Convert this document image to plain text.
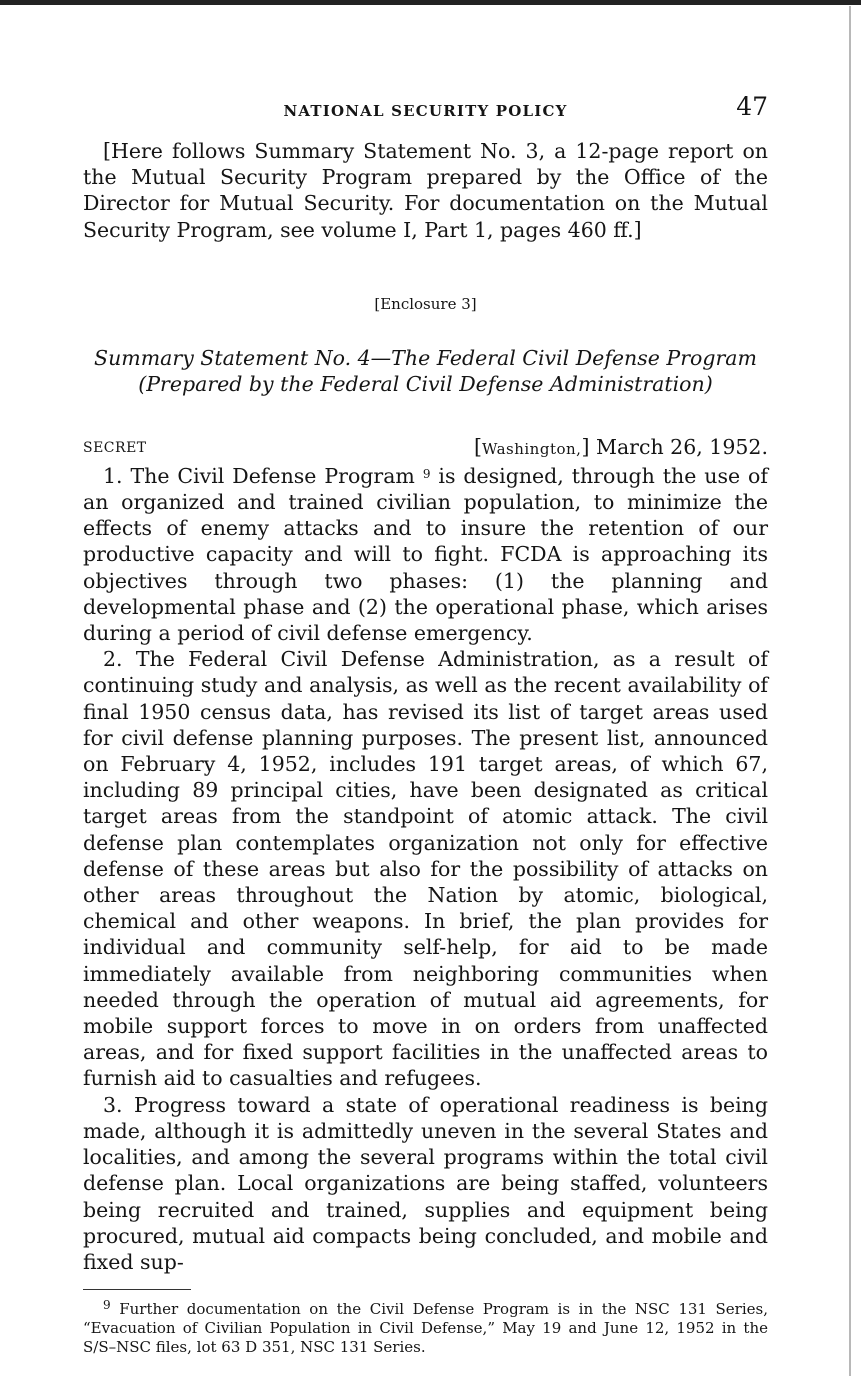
NATIONAL SECURITY POLICY	47

[Here follows Summary Statement No. 3, a 12-page report on the Mutual Security Program prepared by the Office of the Director for Mutual Security. For documentation on the Mutual Security Program, see volume I, Part 1, pages 460 ff.]

[Enclosure 3]
Summary Statement No. 4—The Federal Civil Defense Program
(Prepared by the Federal Civil Defense Administration)
SECRET	[Washington,] March 26, 1952.

1. The Civil Defense Program $^9$ is designed, through the use of an organized and trained civilian population, to minimize the effects of enemy attacks and to insure the retention of our productive capacity and will to fight. FCDA is approaching its objectives through two phases: (1) the planning and developmental phase and (2) the operational phase, which arises during a period of civil defense emergency.

2. The Federal Civil Defense Administration, as a result of continuing study and analysis, as well as the recent availability of final 1950 census data, has revised its list of target areas used for civil defense planning purposes. The present list, announced on February 4, 1952, includes 191 target areas, of which 67, including 89 principal cities, have been designated as critical target areas from the standpoint of atomic attack. The civil defense plan contemplates organization not only for effective defense of these areas but also for the possibility of attacks on other areas throughout the Nation by atomic, biological, chemical and other weapons. In brief, the plan provides for individual and community self-help, for aid to be made immediately available from neighboring communities when needed through the operation of mutual aid agreements, for mobile support forces to move in on orders from unaffected areas, and for fixed support facilities in the unaffected areas to furnish aid to casualties and refugees.

3. Progress toward a state of operational readiness is being made, although it is admittedly uneven in the several States and localities, and among the several programs within the total civil defense plan. Local organizations are being staffed, volunteers being recruited and trained, supplies and equipment being procured, mutual aid compacts being concluded, and mobile and fixed sup-

$^9$ Further documentation on the Civil Defense Program is in the NSC 131 Series, “Evacuation of Civilian Population in Civil Defense,” May 19 and June 12, 1952 in the S/S–NSC files, lot 63 D 351, NSC 131 Series.
